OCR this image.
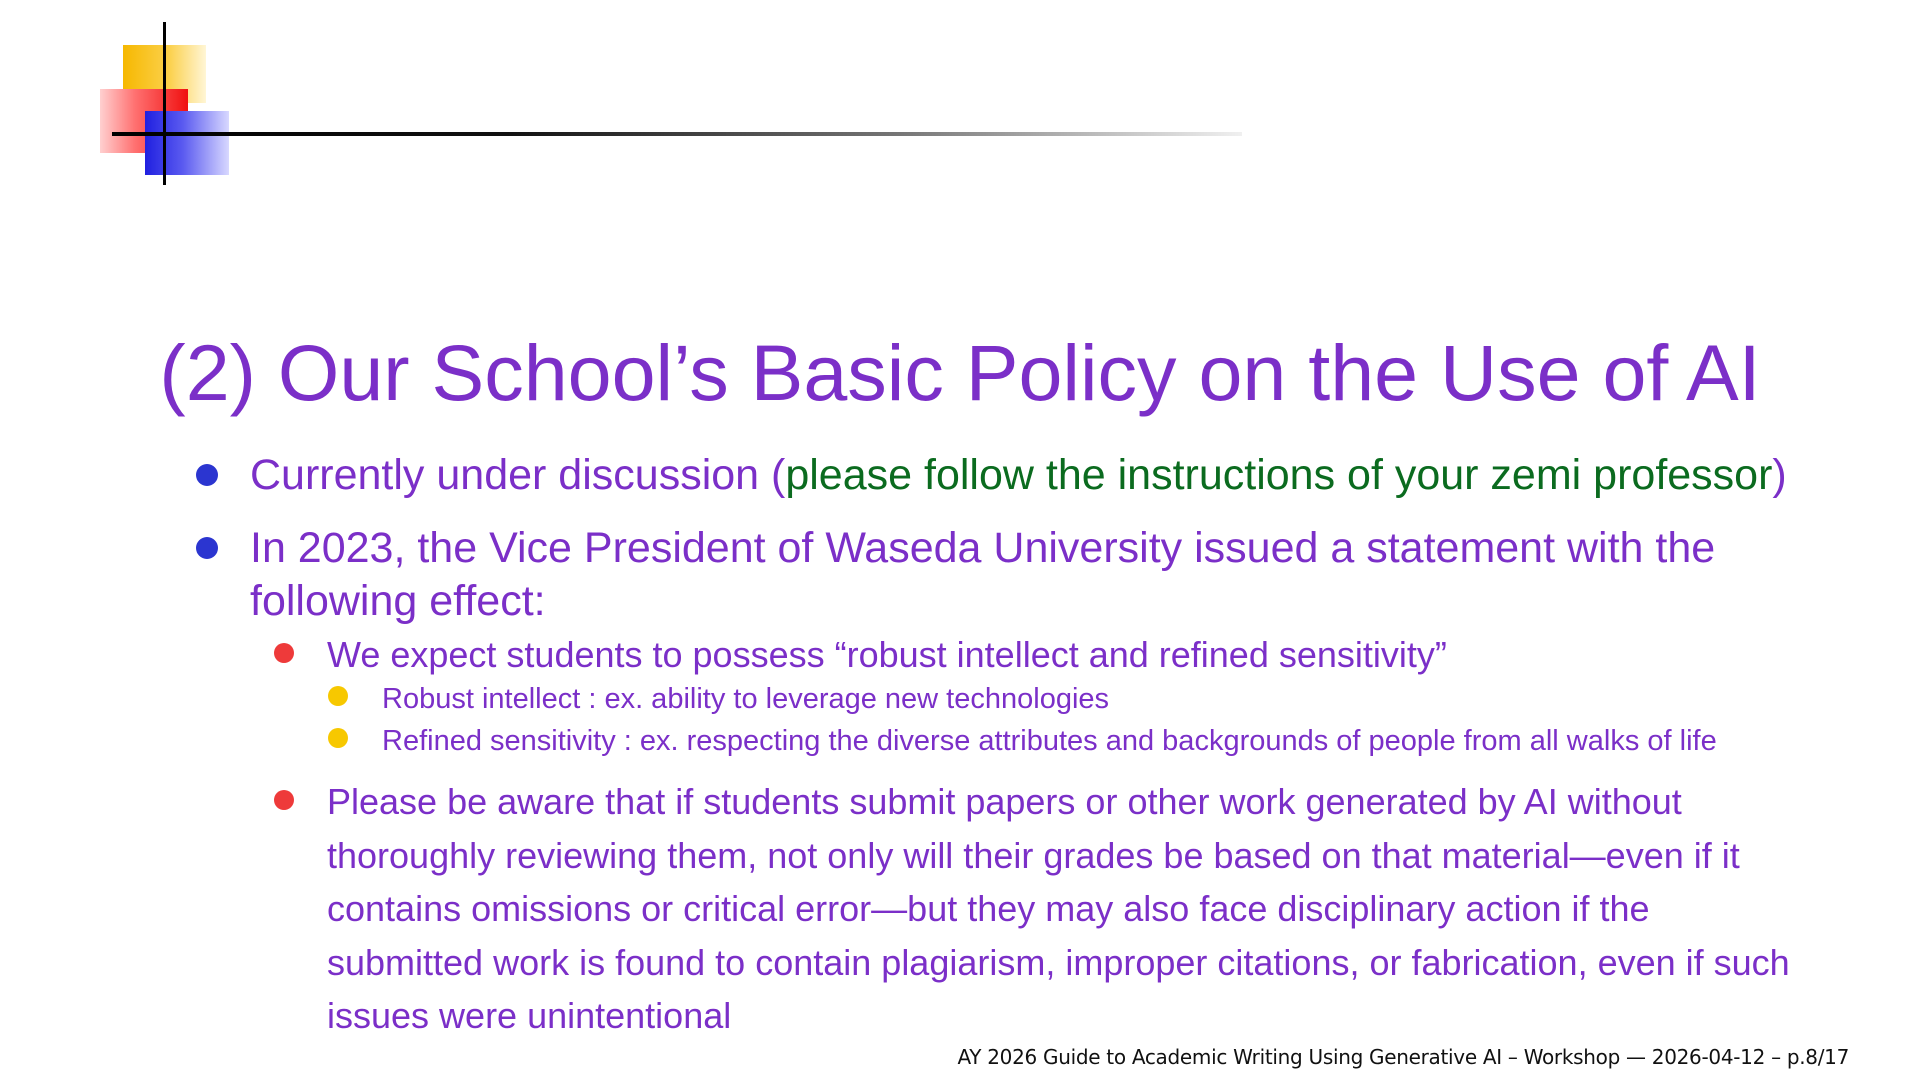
(2) Our School’s Basic Policy on the Use of AI
Currently under discussion (please follow the instructions of your zemi professor)
In 2023, the Vice President of Waseda University issued a statement with the
following effect:
We expect students to possess “robust intellect and refined sensitivity”
Robust intellect : ex. ability to leverage new technologies
Refined sensitivity : ex. respecting the diverse attributes and backgrounds of people from all walks of life
Please be aware that if students submit papers or other work generated by AI without
thoroughly reviewing them, not only will their grades be based on that material—even if it
contains omissions or critical error—but they may also face disciplinary action if the
submitted work is found to contain plagiarism, improper citations, or fabrication, even if such
issues were unintentional
AY 2026 Guide to Academic Writing Using Generative AI – Workshop — 2026-04-12 – p.8/17
